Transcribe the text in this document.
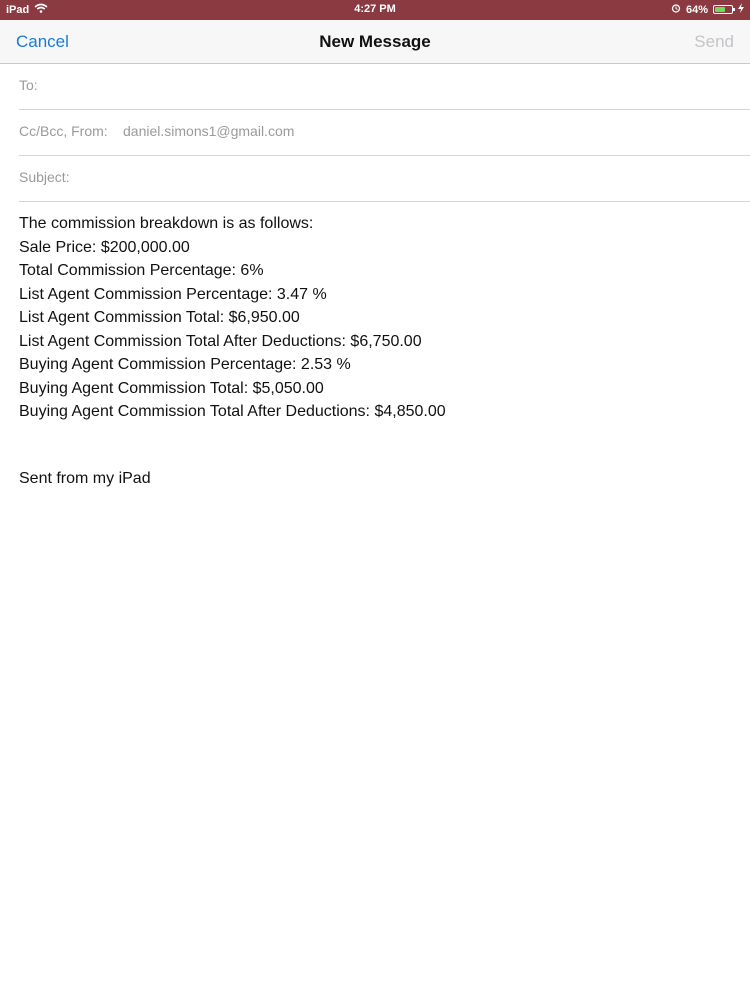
iPad	4:27 PM	64%
Cancel	New Message	Send
To:
Cc/Bcc, From: daniel.simons1@gmail.com
Subject:
The commission breakdown is as follows:
Sale Price: $200,000.00
Total Commission Percentage: 6%
List Agent Commission Percentage: 3.47 %
List Agent Commission Total: $6,950.00
List Agent Commission Total After Deductions: $6,750.00
Buying Agent Commission Percentage: 2.53 %
Buying Agent Commission Total: $5,050.00
Buying Agent Commission Total After Deductions: $4,850.00
Sent from my iPad
